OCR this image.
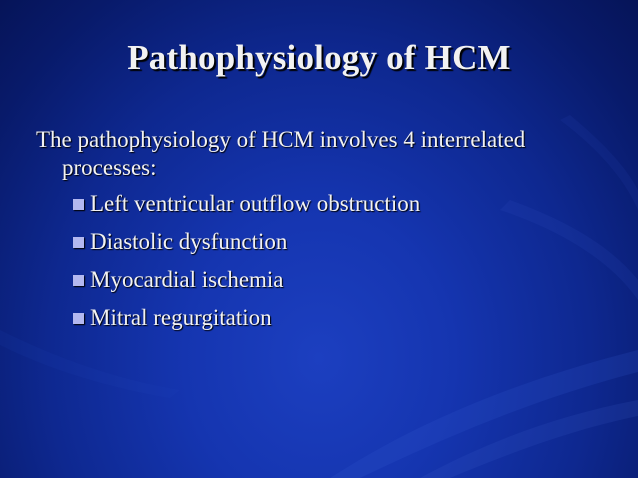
Pathophysiology of HCM

The pathophysiology of HCM involves 4 interrelated processes:

Left ventricular outflow obstruction
Diastolic dysfunction
Myocardial ischemia
Mitral regurgitation
